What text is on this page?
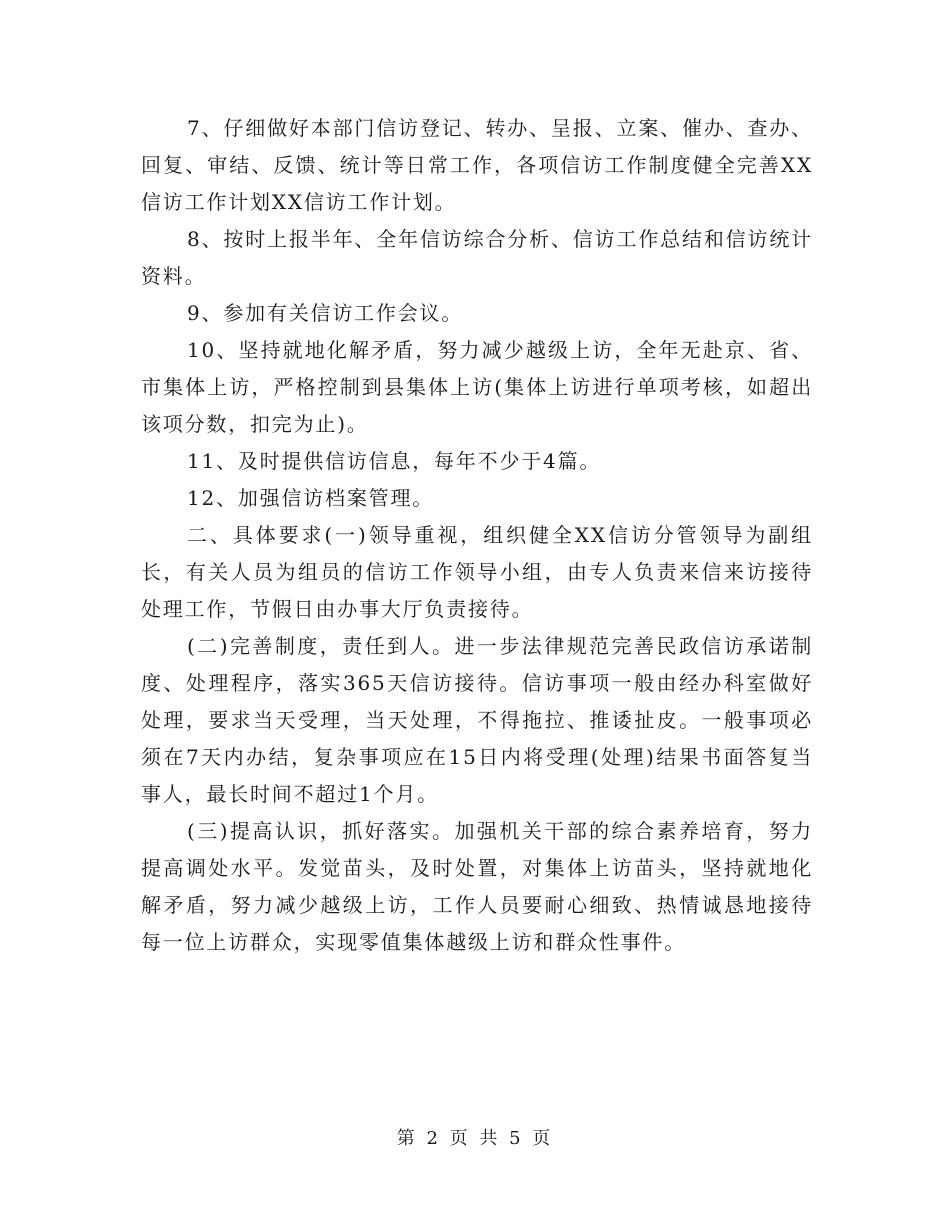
7、仔细做好本部门信访登记、转办、呈报、立案、催办、查办、回复、审结、反馈、统计等日常工作，各项信访工作制度健全完善XX信访工作计划XX信访工作计划。

8、按时上报半年、全年信访综合分析、信访工作总结和信访统计资料。

9、参加有关信访工作会议。

10、坚持就地化解矛盾，努力减少越级上访，全年无赴京、省、市集体上访，严格控制到县集体上访(集体上访进行单项考核，如超出该项分数，扣完为止)。

11、及时提供信访信息，每年不少于4篇。

12、加强信访档案管理。

二、具体要求(一)领导重视，组织健全XX信访分管领导为副组长，有关人员为组员的信访工作领导小组，由专人负责来信来访接待处理工作，节假日由办事大厅负责接待。

(二)完善制度，责任到人。进一步法律规范完善民政信访承诺制度、处理程序，落实365天信访接待。信访事项一般由经办科室做好处理，要求当天受理，当天处理，不得拖拉、推诿扯皮。一般事项必须在7天内办结，复杂事项应在15日内将受理(处理)结果书面答复当事人，最长时间不超过1个月。

(三)提高认识，抓好落实。加强机关干部的综合素养培育，努力提高调处水平。发觉苗头，及时处置，对集体上访苗头，坚持就地化解矛盾，努力减少越级上访，工作人员要耐心细致、热情诚恳地接待每一位上访群众，实现零值集体越级上访和群众性事件。

第 2 页 共 5 页
